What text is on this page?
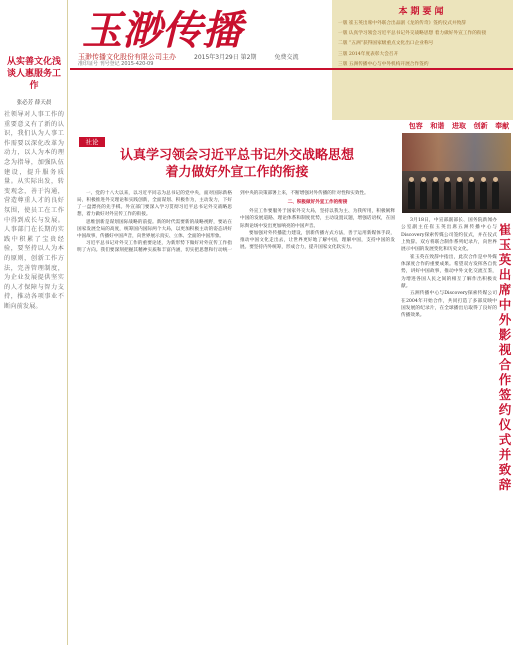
从实善文化浅谈人惠服务工作
张必芳 薛天晨
社领导对人事工作的重要意义有了新的认识，我们认为人事工作需要以深化改革为动力，以人为本的理念为指导，加强队伍建设，提升服务质量。从实际出发，转变观念，善于沟通，营造尊重人才的良好氛围，使员工在工作中得到成长与发展。人事部门在长期的实践中积累了宝贵经验，要坚持以人为本的原则，创新工作方法，完善管理制度，为企业发展提供坚实的人才保障与智力支持，推动各项事业不断向前发展。
玉渺传播
玉渺传播文化股份有限公司主办	2015年3月29日 第2期	免费交流
准印证号 刊号登记 2015-420-09
本期要闻
一版 崔玉英出席中外联合出品剧《龙的传奇》签约仪式并致辞
一版 认真学习领会习近平总书记外交战略思想 着力做好外宣工作的衔接
二版 “五洲”获得国家级重点文化出口企业称号
三版 2014年度表彰大会召开
三版 五洲传播中心与中外机构开展合作签约
包容 和谐 进取 创新 奉献
社论
认真学习领会习近平总书记外交战略思想
着力做好外宣工作的衔接

一、党的十八大以来，以习近平同志为总书记的党中央，面对国际新格局，积极推进外交理论和实践创新，全面谋划、积极作为，主动发力，下好了一盘漂亮的先手棋。外宣部门要深入学习贯彻习近平总书记外交战略思想，着力做好对外宣传工作的衔接。

思维创新是谋划国际战略的前提。新的时代需要新的战略视野，要站在国家发展全局的高度，统筹国内国际两个大局，以更加积极主动的姿态讲好中国故事，传播好中国声音，向世界展示真实、立体、全面的中国形象。

习近平总书记对外交工作的重要论述，为新形势下做好对外宣传工作指明了方向。我们要深刻把握其精神实质和丰富内涵，切实把思想和行动统一到中央的决策部署上来，不断增强对外传播的针对性和实效性。

二、积极做好外宣工作的衔接

外宣工作要服务于国家外交大局，坚持以我为主、为我所用，积极阐释中国的发展道路、理论体系和制度优势，主动设置议题，增强话语权，在国际舆论场中发出更加响亮的中国声音。

要加强对外传播能力建设，创新传播方式方法，善于运用新媒体手段，推动中国文化走出去，让世界更好地了解中国，理解中国，支持中国的发展。要坚持内外统筹，形成合力，提升国家文化软实力。

3月18日，中宣部副部长、国务院新闻办公室副主任崔玉英出席五洲传播中心与Discovery探索传媒公司签约仪式，并在仪式上致辞。双方将联合制作系列纪录片，向世界展示中国的发展变化和历史文化。

崔玉英在致辞中指出，此次合作是中外媒体深度合作的重要成果。希望双方发挥各自优势，讲好中国故事，推动中外文化交流互鉴，为增进各国人民之间的相互了解作出积极贡献。

五洲传播中心与Discovery探索传媒公司在2004年开始合作，共同打造了多部反映中国发展的纪录片，在全球播出后取得了良好的传播效果。

崔玉英出席中外影视合作签约仪式并致辞
